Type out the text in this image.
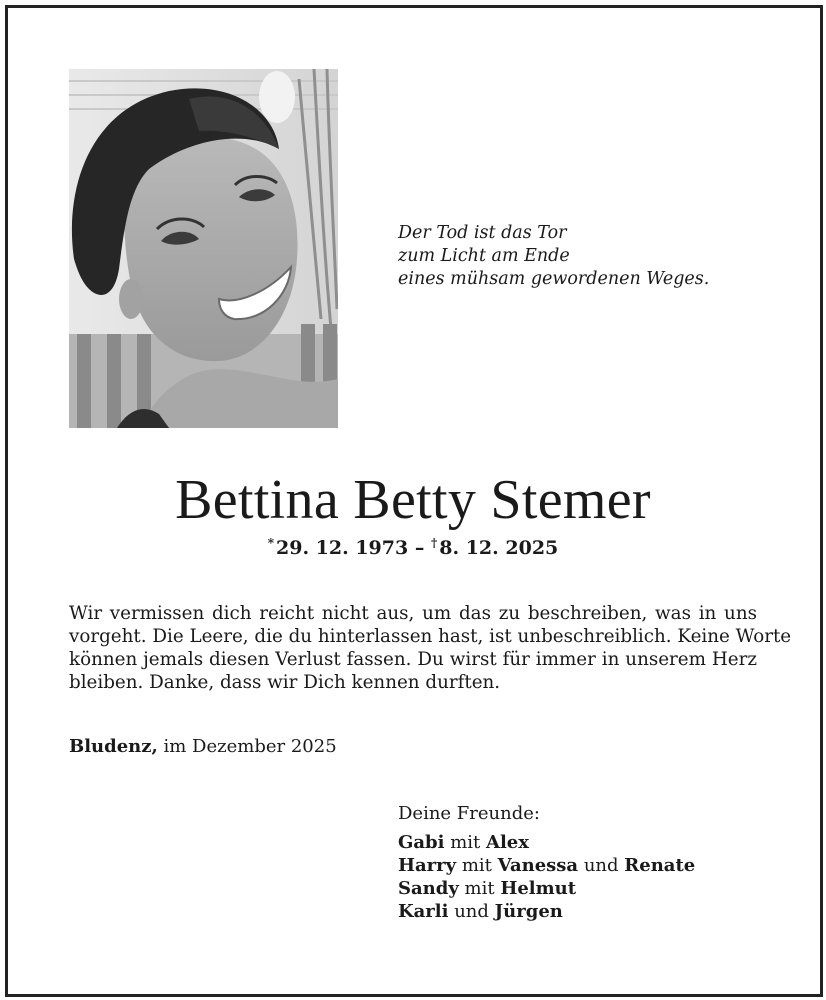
Der Tod ist das Tor
zum Licht am Ende
eines mühsam gewordenen Weges.
Bettina Betty Stemer
* 29. 12. 1973 – † 8. 12. 2025
Wir vermissen dich reicht nicht aus, um das zu beschreiben, was in uns
vorgeht. Die Leere, die du hinterlassen hast, ist unbeschreiblich. Keine Worte
können jemals diesen Verlust fassen. Du wirst für immer in unserem Herz
bleiben. Danke, dass wir Dich kennen durften.
Bludenz, im Dezember 2025
Deine Freunde:
Gabi mit Alex
Harry mit Vanessa und Renate
Sandy mit Helmut
Karli und Jürgen
